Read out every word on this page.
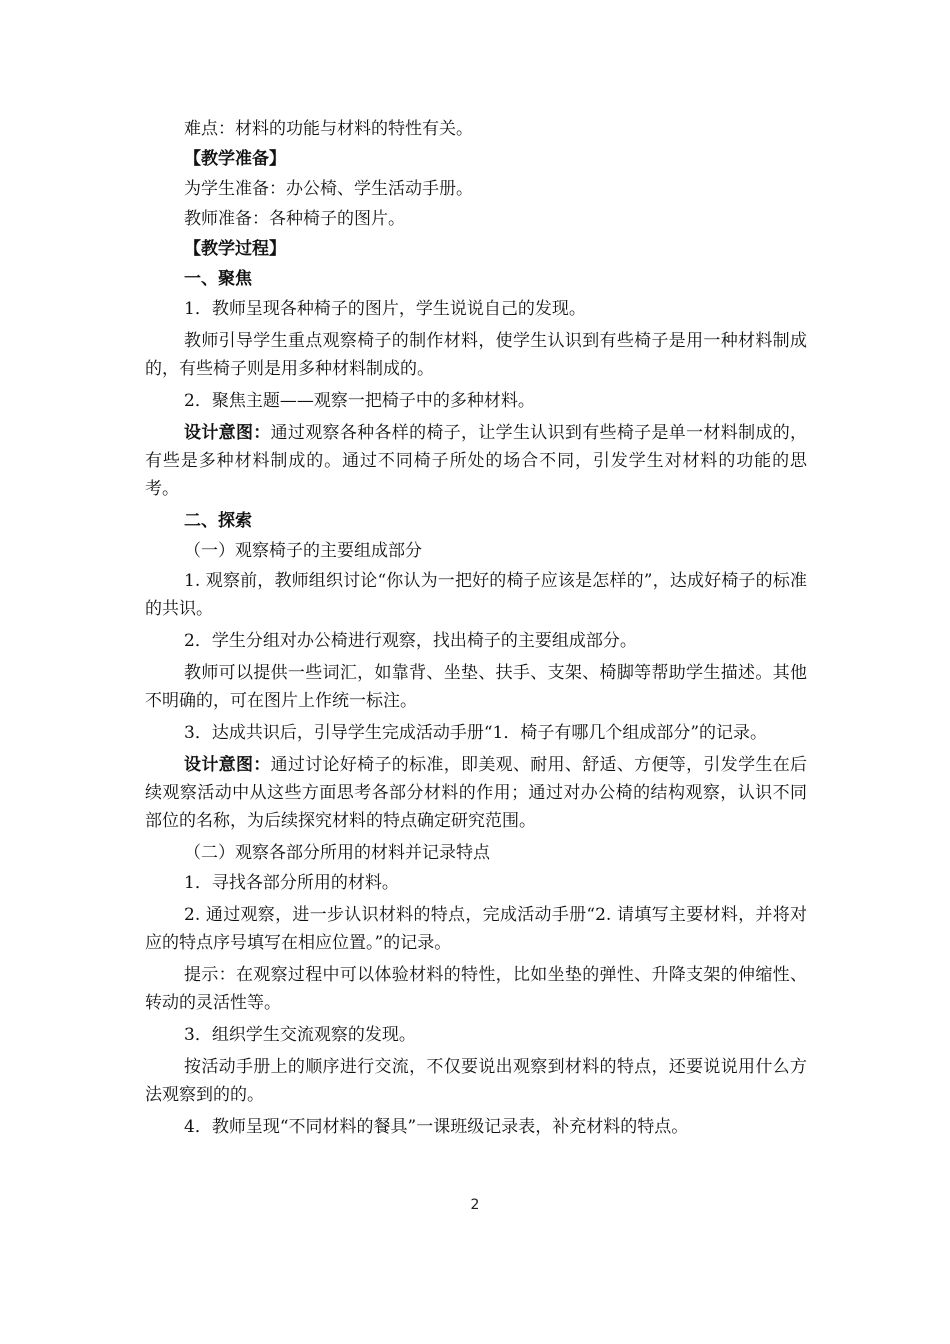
难点：材料的功能与材料的特性有关。

【教学准备】

为学生准备：办公椅、学生活动手册。

教师准备：各种椅子的图片。

【教学过程】

一、聚焦

1．教师呈现各种椅子的图片，学生说说自己的发现。

教师引导学生重点观察椅子的制作材料，使学生认识到有些椅子是用一种材料制成的，有些椅子则是用多种材料制成的。

2．聚焦主题——观察一把椅子中的多种材料。

设计意图：通过观察各种各样的椅子，让学生认识到有些椅子是单一材料制成的，有些是多种材料制成的。通过不同椅子所处的场合不同，引发学生对材料的功能的思考。

二、探索

（一）观察椅子的主要组成部分

1. 观察前，教师组织讨论“你认为一把好的椅子应该是怎样的”，达成好椅子的标准的共识。

2．学生分组对办公椅进行观察，找出椅子的主要组成部分。

教师可以提供一些词汇，如靠背、坐垫、扶手、支架、椅脚等帮助学生描述。其他不明确的，可在图片上作统一标注。

3．达成共识后，引导学生完成活动手册“1．椅子有哪几个组成部分”的记录。

设计意图：通过讨论好椅子的标准，即美观、耐用、舒适、方便等，引发学生在后续观察活动中从这些方面思考各部分材料的作用；通过对办公椅的结构观察，认识不同部位的名称，为后续探究材料的特点确定研究范围。

（二）观察各部分所用的材料并记录特点

1．寻找各部分所用的材料。

2. 通过观察，进一步认识材料的特点，完成活动手册“2. 请填写主要材料，并将对应的特点序号填写在相应位置。”的记录。

提示：在观察过程中可以体验材料的特性，比如坐垫的弹性、升降支架的伸缩性、转动的灵活性等。

3．组织学生交流观察的发现。

按活动手册上的顺序进行交流，不仅要说出观察到材料的特点，还要说说用什么方法观察到的的。

4．教师呈现“不同材料的餐具”一课班级记录表，补充材料的特点。

2
